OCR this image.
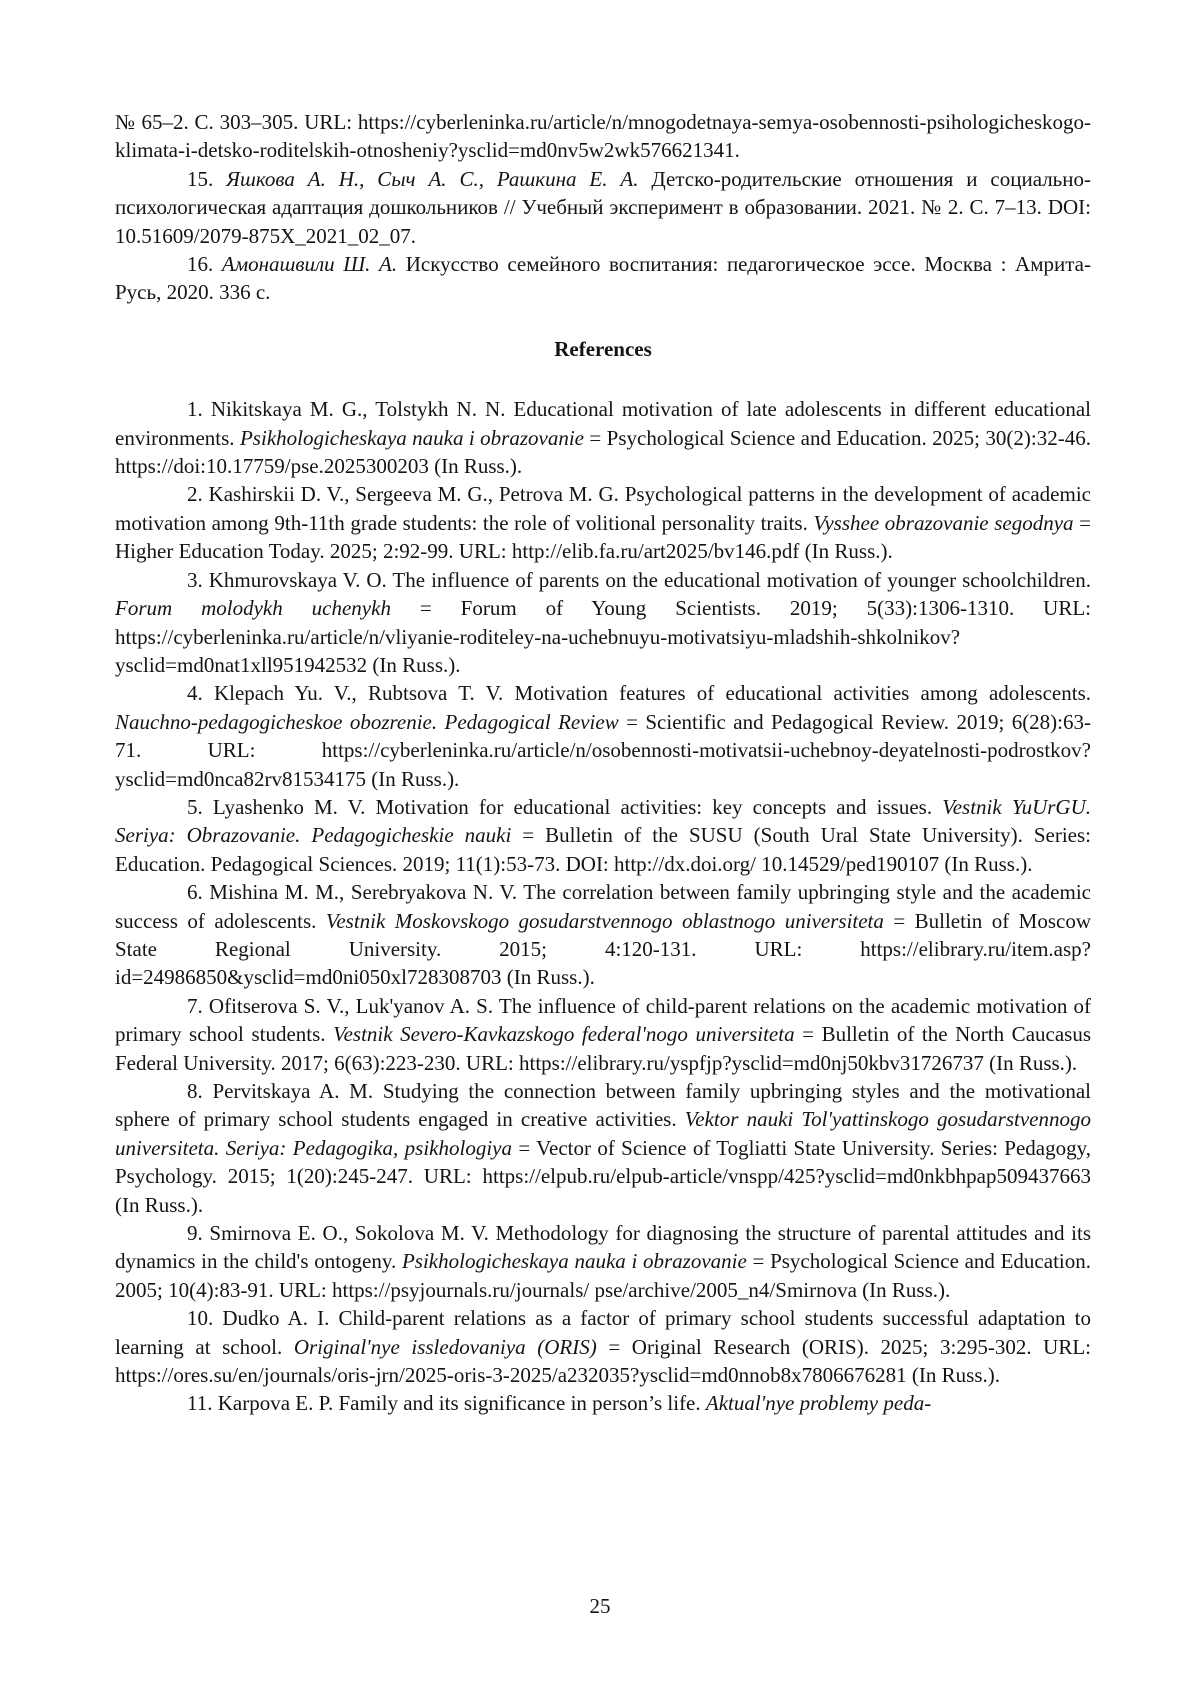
№ 65–2. С. 303–305. URL: https://cyberleninka.ru/article/n/mnogodetnaya-semya-osobennosti-psihologicheskogo-klimata-i-detsko-roditelskih-otnosheniy?ysclid=md0nv5w2wk576621341.

15. Яшкова А. Н., Сыч А. С., Рашкина Е. А. Детско-родительские отношения и социально-психологическая адаптация дошкольников // Учебный эксперимент в образовании. 2021. № 2. С. 7–13. DOI: 10.51609/2079-875X_2021_02_07.

16. Амонашвили Ш. А. Искусство семейного воспитания: педагогическое эссе. Москва : Амрита-Русь, 2020. 336 с.

References

1. Nikitskaya M. G., Tolstykh N. N. Educational motivation of late adolescents in different educational environments. Psikhologicheskaya nauka i obrazovanie = Psychological Science and Education. 2025; 30(2):32-46. https://doi:10.17759/pse.2025300203 (In Russ.).

2. Kashirskii D. V., Sergeeva M. G., Petrova M. G. Psychological patterns in the development of academic motivation among 9th-11th grade students: the role of volitional personality traits. Vysshee obrazovanie segodnya = Higher Education Today. 2025; 2:92-99. URL: http://elib.fa.ru/art2025/bv146.pdf (In Russ.).

3. Khmurovskaya V. O. The influence of parents on the educational motivation of younger schoolchildren. Forum molodykh uchenykh = Forum of Young Scientists. 2019; 5(33):1306-1310. URL: https://cyberleninka.ru/article/n/vliyanie-roditeley-na-uchebnuyu-motivatsiyu-mladshih-shkolnikov?ysclid=md0nat1xll951942532 (In Russ.).

4. Klepach Yu. V., Rubtsova T. V. Motivation features of educational activities among adolescents. Nauchno-pedagogicheskoe obozrenie. Pedagogical Review = Scientific and Pedagogical Review. 2019; 6(28):63-71. URL: https://cyberleninka.ru/article/n/osobennosti-motivatsii-uchebnoy-deyatelnosti-podrostkov?ysclid=md0nca82rv81534175 (In Russ.).

5. Lyashenko M. V. Motivation for educational activities: key concepts and issues. Vestnik YuUrGU. Seriya: Obrazovanie. Pedagogicheskie nauki = Bulletin of the SUSU (South Ural State University). Series: Education. Pedagogical Sciences. 2019; 11(1):53-73. DOI: http://dx.doi.org/ 10.14529/ped190107 (In Russ.).

6. Mishina M. M., Serebryakova N. V. The correlation between family upbringing style and the academic success of adolescents. Vestnik Moskovskogo gosudarstvennogo oblastnogo universiteta = Bulletin of Moscow State Regional University. 2015; 4:120-131. URL: https://elibrary.ru/item.asp?id=24986850&ysclid=md0ni050xl728308703 (In Russ.).

7. Ofitserova S. V., Luk'yanov A. S. The influence of child-parent relations on the academic motivation of primary school students. Vestnik Severo-Kavkazskogo federal'nogo universiteta = Bulletin of the North Caucasus Federal University. 2017; 6(63):223-230. URL: https://elibrary.ru/yspfjp?ysclid=md0nj50kbv31726737 (In Russ.).

8. Pervitskaya A. M. Studying the connection between family upbringing styles and the motivational sphere of primary school students engaged in creative activities. Vektor nauki Tol'yattinskogo gosudarstvennogo universiteta. Seriya: Pedagogika, psikhologiya = Vector of Science of Togliatti State University. Series: Pedagogy, Psychology. 2015; 1(20):245-247. URL: https://elpub.ru/elpub-article/vnspp/425?ysclid=md0nkbhpap509437663 (In Russ.).

9. Smirnova E. O., Sokolova M. V. Methodology for diagnosing the structure of parental attitudes and its dynamics in the child's ontogeny. Psikhologicheskaya nauka i obrazovanie = Psychological Science and Education. 2005; 10(4):83-91. URL: https://psyjournals.ru/journals/ pse/archive/2005_n4/Smirnova (In Russ.).

10. Dudko A. I. Child-parent relations as a factor of primary school students successful adaptation to learning at school. Original'nye issledovaniya (ORIS) = Original Research (ORIS). 2025; 3:295-302. URL: https://ores.su/en/journals/oris-jrn/2025-oris-3-2025/a232035?ysclid=md0nnob8x7806676281 (In Russ.).

11. Karpova E. P. Family and its significance in person’s life. Aktual'nye problemy peda-

25
